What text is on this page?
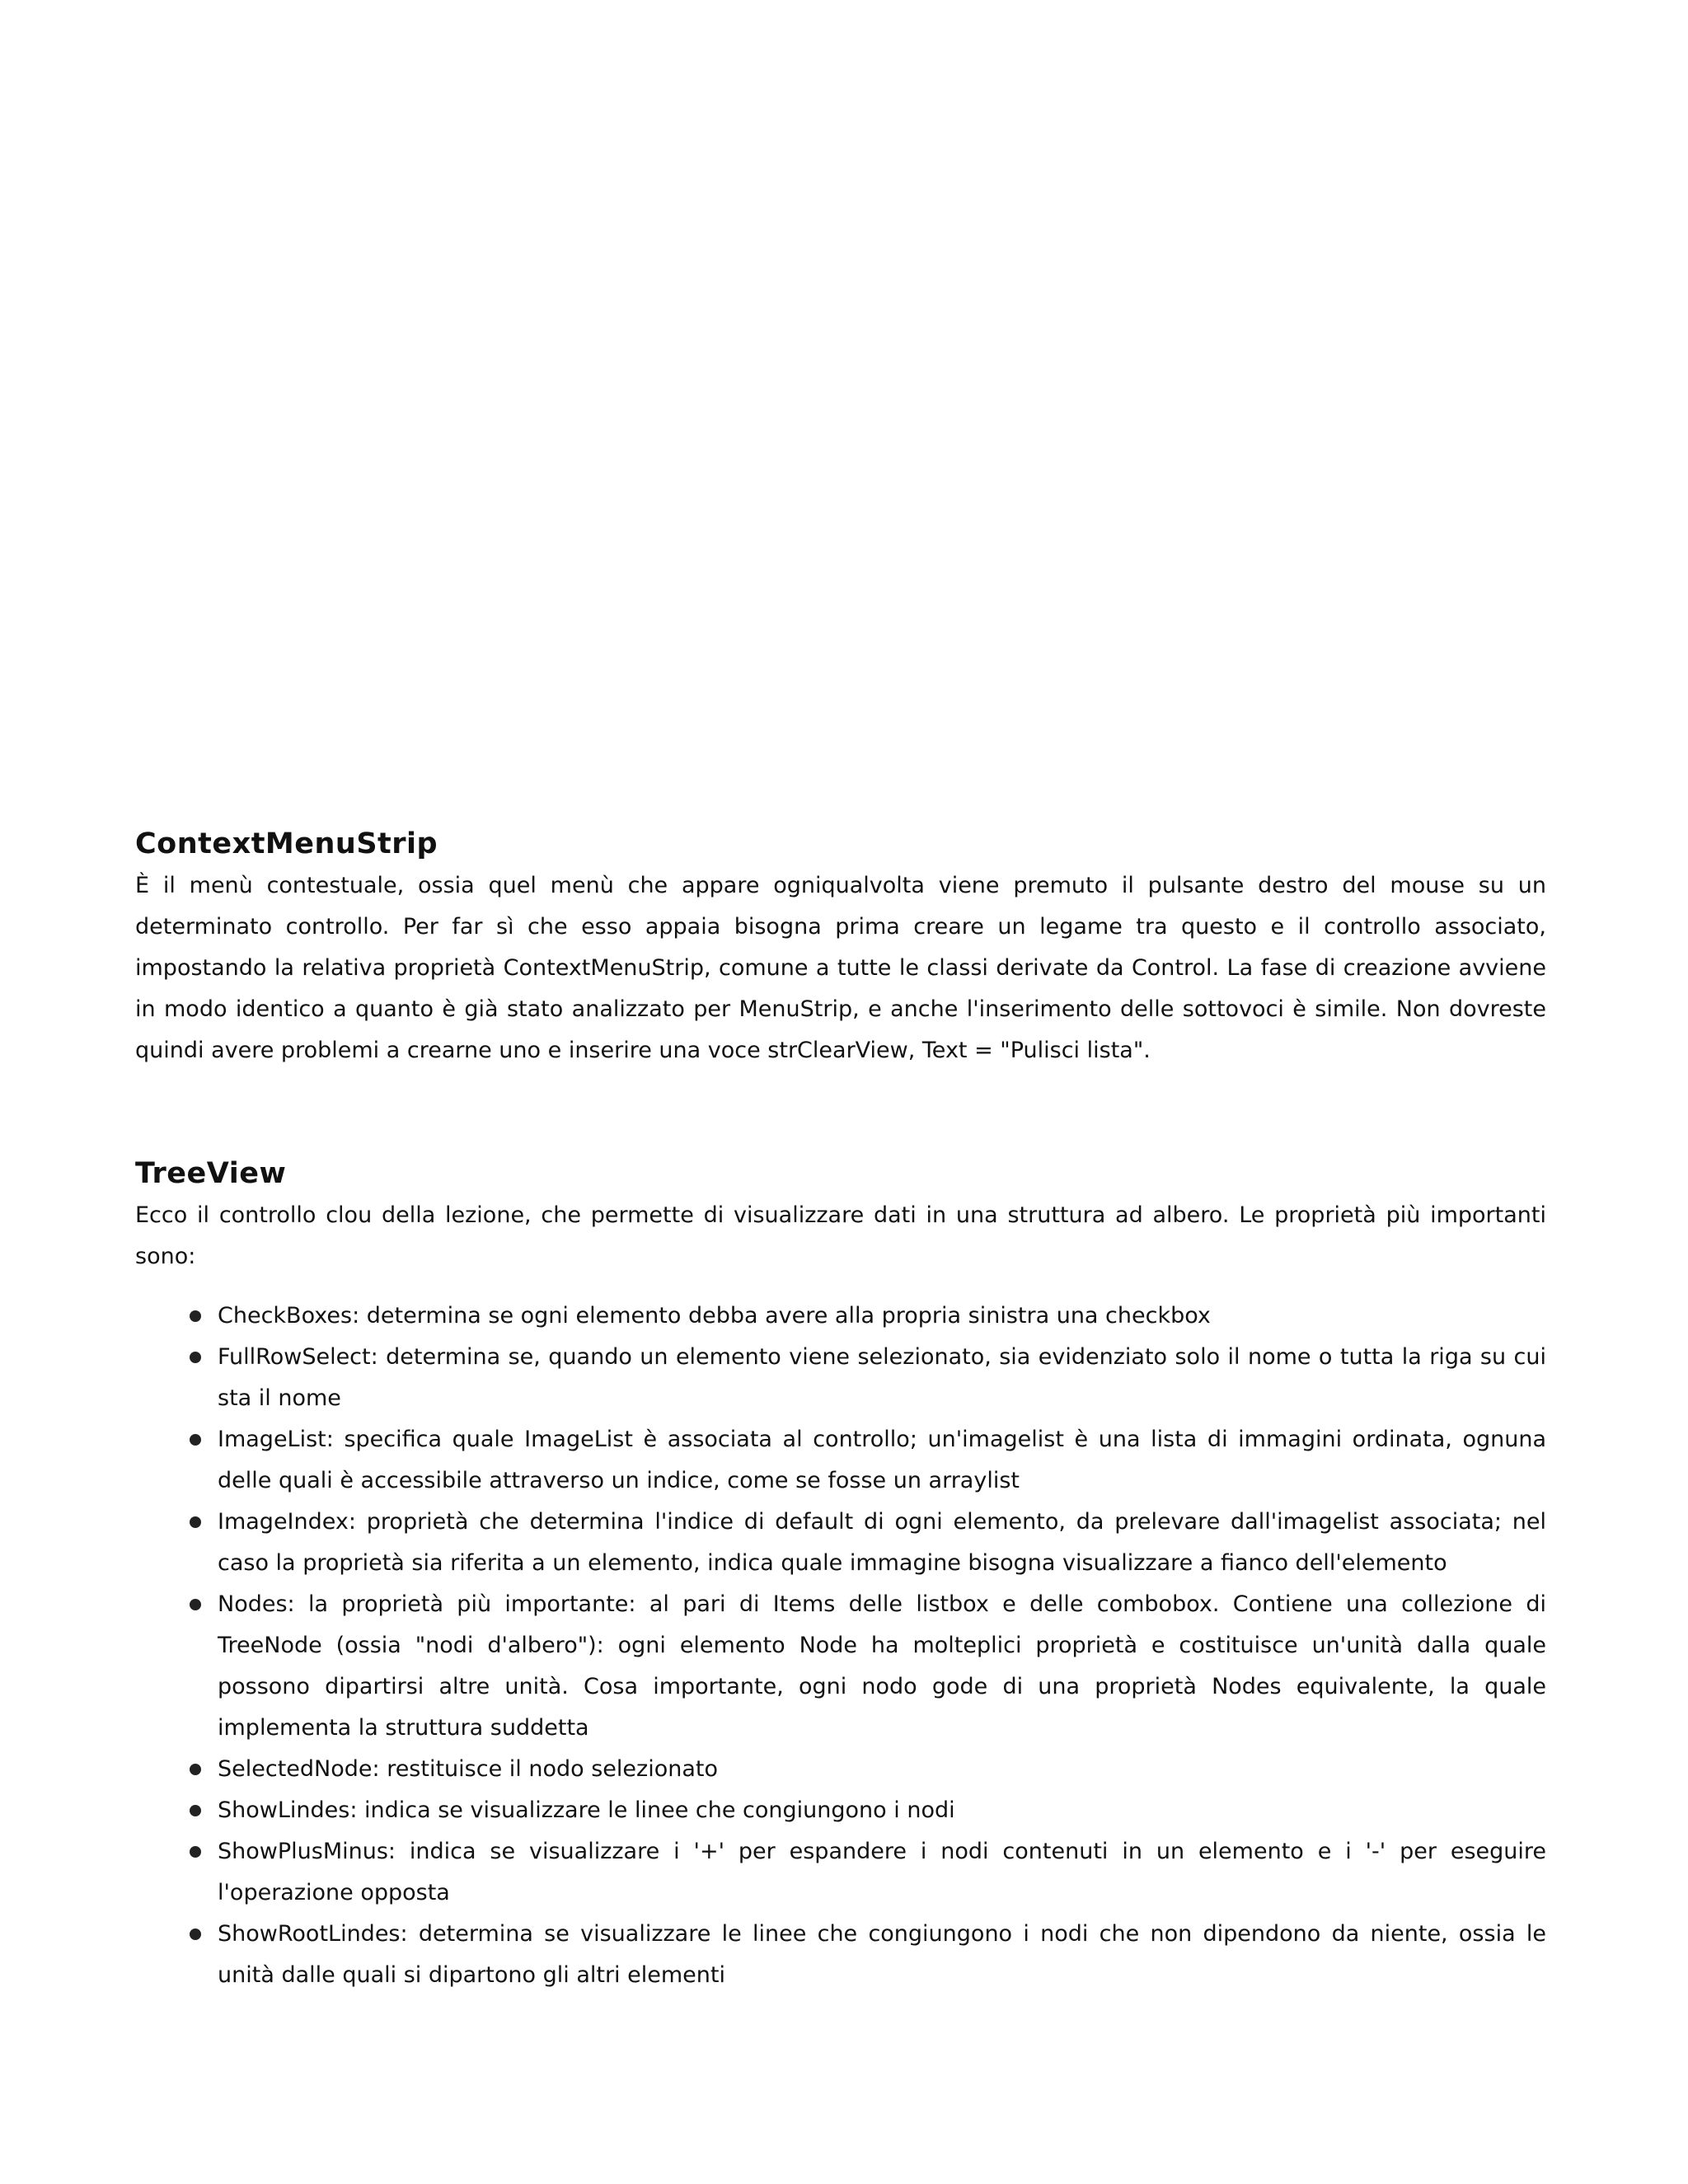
ContextMenuStrip

È il menù contestuale, ossia quel menù che appare ogniqualvolta viene premuto il pulsante destro del mouse su un determinato controllo. Per far sì che esso appaia bisogna prima creare un legame tra questo e il controllo associato, impostando la relativa proprietà ContextMenuStrip, comune a tutte le classi derivate da Control. La fase di creazione avviene in modo identico a quanto è già stato analizzato per MenuStrip, e anche l'inserimento delle sottovoci è simile. Non dovreste quindi avere problemi a crearne uno e inserire una voce strClearView, Text = "Pulisci lista".

TreeView

Ecco il controllo clou della lezione, che permette di visualizzare dati in una struttura ad albero. Le proprietà più importanti sono:

CheckBoxes: determina se ogni elemento debba avere alla propria sinistra una checkbox
FullRowSelect: determina se, quando un elemento viene selezionato, sia evidenziato solo il nome o tutta la riga su cui sta il nome
ImageList: specifica quale ImageList è associata al controllo; un'imagelist è una lista di immagini ordinata, ognuna delle quali è accessibile attraverso un indice, come se fosse un arraylist
ImageIndex: proprietà che determina l'indice di default di ogni elemento, da prelevare dall'imagelist associata; nel caso la proprietà sia riferita a un elemento, indica quale immagine bisogna visualizzare a fianco dell'elemento
Nodes: la proprietà più importante: al pari di Items delle listbox e delle combobox. Contiene una collezione di TreeNode (ossia "nodi d'albero"): ogni elemento Node ha molteplici proprietà e costituisce un'unità dalla quale possono dipartirsi altre unità. Cosa importante, ogni nodo gode di una proprietà Nodes equivalente, la quale implementa la struttura suddetta
SelectedNode: restituisce il nodo selezionato
ShowLindes: indica se visualizzare le linee che congiungono i nodi
ShowPlusMinus: indica se visualizzare i '+' per espandere i nodi contenuti in un elemento e i '-' per eseguire l'operazione opposta
ShowRootLindes: determina se visualizzare le linee che congiungono i nodi che non dipendono da niente, ossia le unità dalle quali si dipartono gli altri elementi
